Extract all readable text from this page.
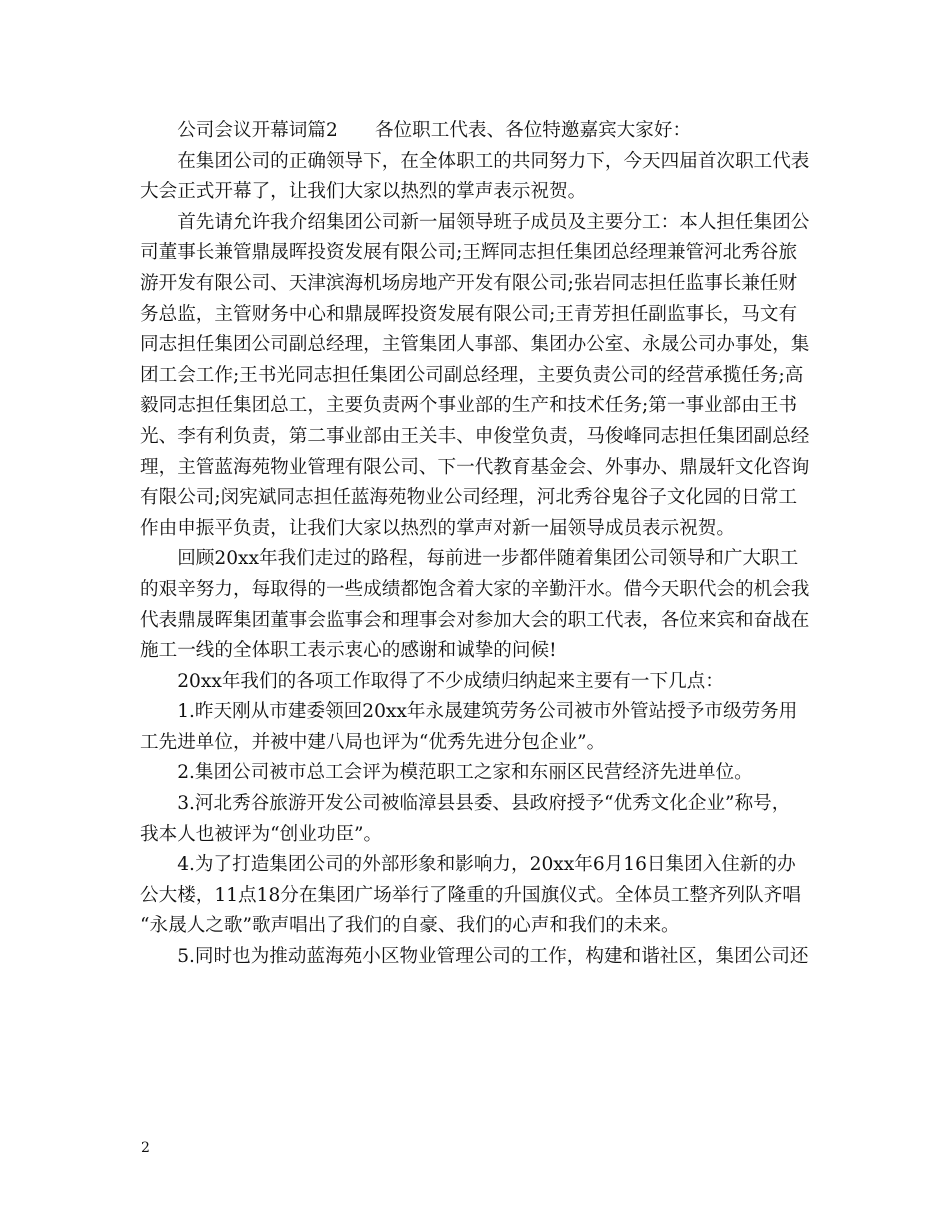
　　公司会议开幕词篇2　　各位职工代表、各位特邀嘉宾大家好：
　　在集团公司的正确领导下，在全体职工的共同努力下，今天四届首次职工代表
大会正式开幕了，让我们大家以热烈的掌声表示祝贺。
　　首先请允许我介绍集团公司新一届领导班子成员及主要分工：本人担任集团公
司董事长兼管鼎晟晖投资发展有限公司;王辉同志担任集团总经理兼管河北秀谷旅
游开发有限公司、天津滨海机场房地产开发有限公司;张岩同志担任监事长兼任财
务总监，主管财务中心和鼎晟晖投资发展有限公司;王青芳担任副监事长，马文有
同志担任集团公司副总经理，主管集团人事部、集团办公室、永晟公司办事处，集
团工会工作;王书光同志担任集团公司副总经理，主要负责公司的经营承揽任务;高
毅同志担任集团总工，主要负责两个事业部的生产和技术任务;第一事业部由王书
光、李有利负责，第二事业部由王关丰、申俊堂负责，马俊峰同志担任集团副总经
理，主管蓝海苑物业管理有限公司、下一代教育基金会、外事办、鼎晟轩文化咨询
有限公司;闵宪斌同志担任蓝海苑物业公司经理，河北秀谷鬼谷子文化园的日常工
作由申振平负责，让我们大家以热烈的掌声对新一届领导成员表示祝贺。
　　回顾20xx年我们走过的路程，每前进一步都伴随着集团公司领导和广大职工
的艰辛努力，每取得的一些成绩都饱含着大家的辛勤汗水。借今天职代会的机会我
代表鼎晟晖集团董事会监事会和理事会对参加大会的职工代表，各位来宾和奋战在
施工一线的全体职工表示衷心的感谢和诚挚的问候!
　　20xx年我们的各项工作取得了不少成绩归纳起来主要有一下几点：
　　1.昨天刚从市建委领回20xx年永晟建筑劳务公司被市外管站授予市级劳务用
工先进单位，并被中建八局也评为“优秀先进分包企业”。
　　2.集团公司被市总工会评为模范职工之家和东丽区民营经济先进单位。
　　3.河北秀谷旅游开发公司被临漳县县委、县政府授予“优秀文化企业”称号，
我本人也被评为“创业功臣”。
　　4.为了打造集团公司的外部形象和影响力，20xx年6月16日集团入住新的办
公大楼，11点18分在集团广场举行了隆重的升国旗仪式。全体员工整齐列队齐唱
“永晟人之歌”歌声唱出了我们的自豪、我们的心声和我们的未来。
　　5.同时也为推动蓝海苑小区物业管理公司的工作，构建和谐社区，集团公司还
2
